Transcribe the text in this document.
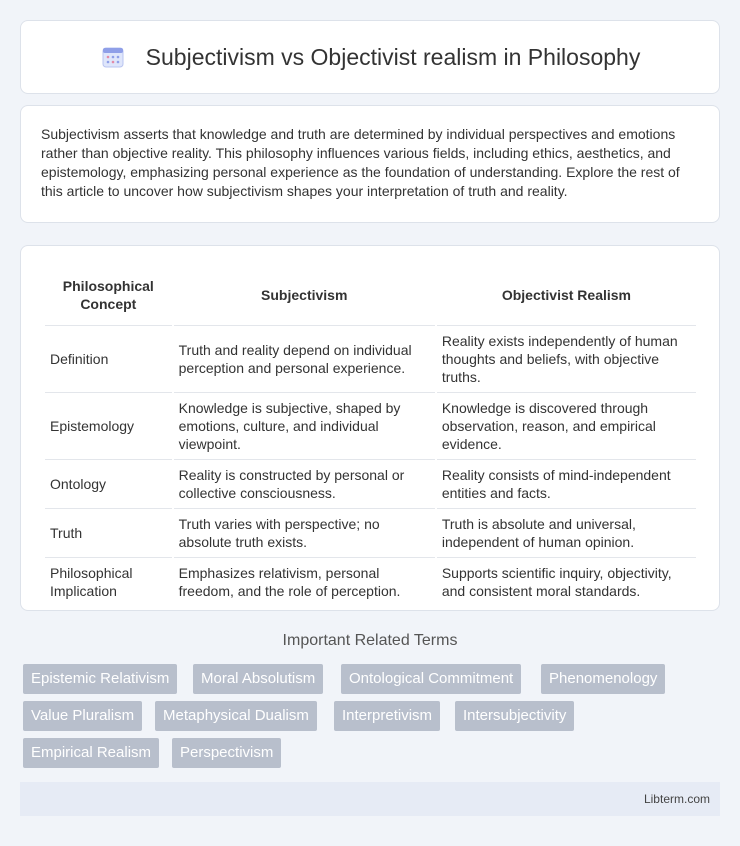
Subjectivism vs Objectivist realism in Philosophy

Subjectivism asserts that knowledge and truth are determined by individual perspectives and emotions rather than objective reality. This philosophy influences various fields, including ethics, aesthetics, and epistemology, emphasizing personal experience as the foundation of understanding. Explore the rest of this article to uncover how subjectivism shapes your interpretation of truth and reality.

Philosophical Concept	Subjectivism	Objectivist Realism
Definition	Truth and reality depend on individual perception and personal experience.	Reality exists independently of human thoughts and beliefs, with objective truths.
Epistemology	Knowledge is subjective, shaped by emotions, culture, and individual viewpoint.	Knowledge is discovered through observation, reason, and empirical evidence.
Ontology	Reality is constructed by personal or collective consciousness.	Reality consists of mind-independent entities and facts.
Truth	Truth varies with perspective; no absolute truth exists.	Truth is absolute and universal, independent of human opinion.
Philosophical Implication	Emphasizes relativism, personal freedom, and the role of perception.	Supports scientific inquiry, objectivity, and consistent moral standards.
Important Related Terms
Epistemic Relativism	Moral Absolutism	Ontological Commitment	Phenomenology
Value Pluralism	Metaphysical Dualism	Interpretivism	Intersubjectivity
Empirical Realism	Perspectivism
Libterm.com
